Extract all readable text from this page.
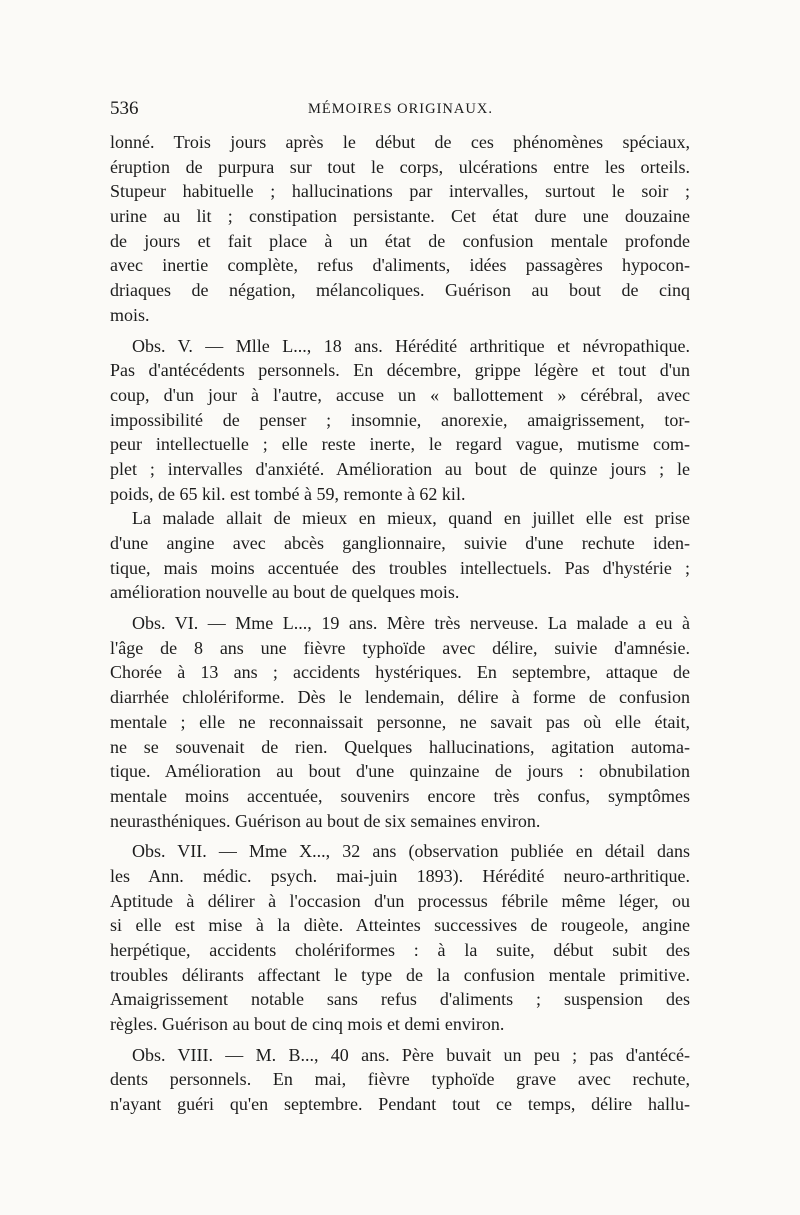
536	MÉMOIRES ORIGINAUX.
lonné. Trois jours après le début de ces phénomènes spéciaux,
éruption de purpura sur tout le corps, ulcérations entre les orteils.
Stupeur habituelle ; hallucinations par intervalles, surtout le soir ;
urine au lit ; constipation persistante. Cet état dure une douzaine
de jours et fait place à un état de confusion mentale profonde
avec inertie complète, refus d'aliments, idées passagères hypocon-
driaques de négation, mélancoliques. Guérison au bout de cinq
mois.
Obs. V. — Mlle L..., 18 ans. Hérédité arthritique et névropathique.
Pas d'antécédents personnels. En décembre, grippe légère et tout d'un
coup, d'un jour à l'autre, accuse un « ballottement » cérébral, avec
impossibilité de penser ; insomnie, anorexie, amaigrissement, tor-
peur intellectuelle ; elle reste inerte, le regard vague, mutisme com-
plet ; intervalles d'anxiété. Amélioration au bout de quinze jours ; le
poids, de 65 kil. est tombé à 59, remonte à 62 kil.
La malade allait de mieux en mieux, quand en juillet elle est prise
d'une angine avec abcès ganglionnaire, suivie d'une rechute iden-
tique, mais moins accentuée des troubles intellectuels. Pas d'hystérie ;
amélioration nouvelle au bout de quelques mois.
Obs. VI. — Mme L..., 19 ans. Mère très nerveuse. La malade a eu à
l'âge de 8 ans une fièvre typhoïde avec délire, suivie d'amnésie.
Chorée à 13 ans ; accidents hystériques. En septembre, attaque de
diarrhée chlolériforme. Dès le lendemain, délire à forme de confusion
mentale ; elle ne reconnaissait personne, ne savait pas où elle était,
ne se souvenait de rien. Quelques hallucinations, agitation automa-
tique. Amélioration au bout d'une quinzaine de jours : obnubilation
mentale moins accentuée, souvenirs encore très confus, symptômes
neurasthéniques. Guérison au bout de six semaines environ.
Obs. VII. — Mme X..., 32 ans (observation publiée en détail dans
les Ann. médic. psych. mai-juin 1893). Hérédité neuro-arthritique.
Aptitude à délirer à l'occasion d'un processus fébrile même léger, ou
si elle est mise à la diète. Atteintes successives de rougeole, angine
herpétique, accidents cholériformes : à la suite, début subit des
troubles délirants affectant le type de la confusion mentale primitive.
Amaigrissement notable sans refus d'aliments ; suspension des
règles. Guérison au bout de cinq mois et demi environ.
Obs. VIII. — M. B..., 40 ans. Père buvait un peu ; pas d'antécé-
dents personnels. En mai, fièvre typhoïde grave avec rechute,
n'ayant guéri qu'en septembre. Pendant tout ce temps, délire hallu-
